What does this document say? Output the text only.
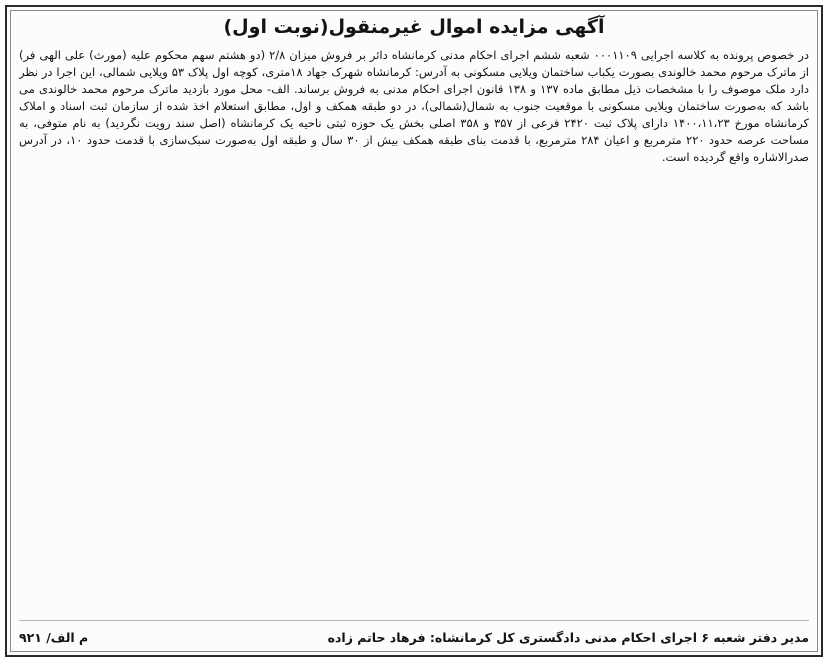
آگهی مزایده اموال غیرمنقول(نوبت اول)

در خصوص پرونده به کلاسه اجرایی ۰۰۰۱۱۰۹ شعبه ششم اجرای احکام مدنی کرمانشاه دائر بر فروش میزان ۲/۸ (دو هشتم سهم محکوم علیه (مورث) علی الهی فر) از ماترک مرحوم محمد خالوندی بصورت یکباب ساختمان ویلایی مسکونی به آدرس: کرمانشاه شهرک جهاد ۱۸متری، کوچه اول پلاک ۵۳ ویلایی شمالی، این اجرا در نظر دارد ملک موصوف را با مشخصات ذیل مطابق ماده ۱۳۷ و ۱۳۸ قانون اجرای احکام مدنی به فروش برساند. الف- محل مورد بازدید ماترک مرحوم محمد خالوندی می باشد که به‌صورت ساختمان ویلایی مسکونی با موقعیت جنوب به شمال(شمالی)، در دو طبقه همکف و اول، مطابق استعلام اخذ شده از سازمان ثبت اسناد و املاک کرمانشاه مورخ ۱۴۰۰،۱۱،۲۳ دارای پلاک ثبت ۲۴۲۰ فرعی از ۳۵۷ و ۳۵۸ اصلی بخش یک حوزه ثبتی ناحیه یک کرمانشاه (اصل سند رویت نگردید) به نام متوفی، به مساحت عرصه حدود ۲۲۰ مترمربع و اعیان ۲۸۴ مترمربع، با قدمت بنای طبقه همکف بیش از ۳۰ سال و طبقه اول به‌صورت سبک‌سازی با قدمت حدود ۱۰، در آدرس صدرالاشاره واقع گردیده است.

مدیر دفتر شعبه ۶ اجرای احکام مدنی دادگستری کل کرمانشاه: فرهاد حاتم زاده
م الف/ ۹۲۱
